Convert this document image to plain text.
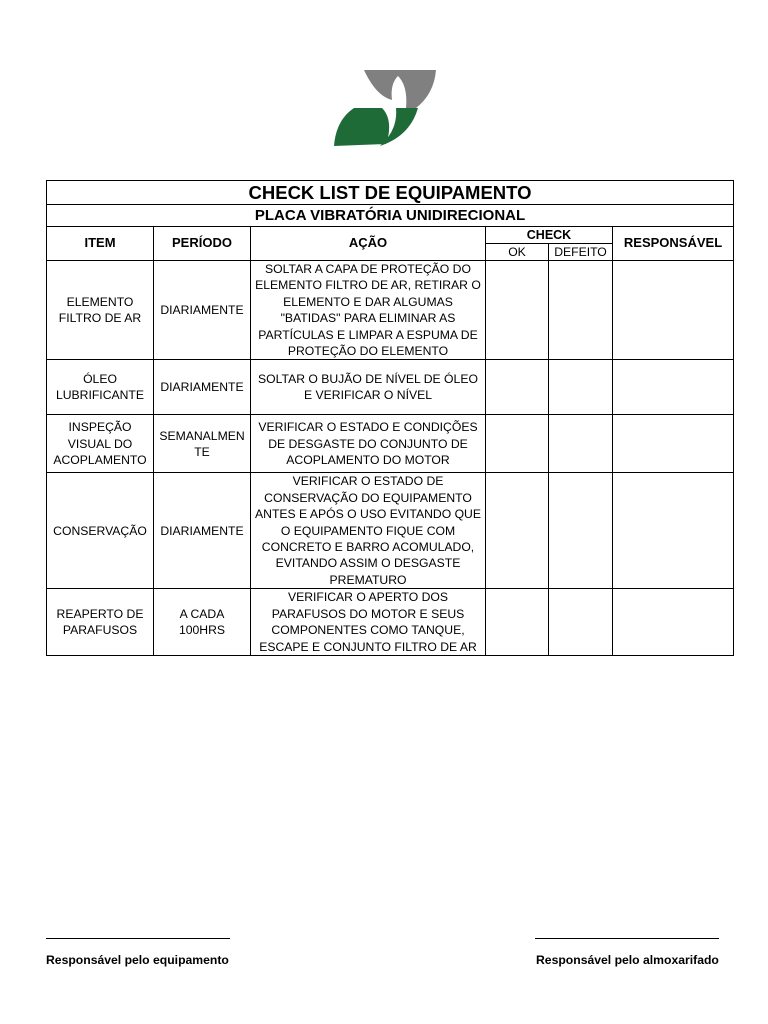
CHECK LIST DE EQUIPAMENTO					
PLACA VIBRATÓRIA UNIDIRECIONAL					
ITEM	PERÍODO	AÇÃO	CHECK		RESPONSÁVEL
			OK	DEFEITO	
ELEMENTO FILTRO DE AR	DIARIAMENTE	SOLTAR A CAPA DE PROTEÇÃO DO ELEMENTO FILTRO DE AR, RETIRAR O ELEMENTO E DAR ALGUMAS "BATIDAS" PARA ELIMINAR AS PARTÍCULAS E LIMPAR A ESPUMA DE PROTEÇÃO DO ELEMENTO			
ÓLEO LUBRIFICANTE	DIARIAMENTE	SOLTAR O BUJÃO DE NÍVEL DE ÓLEO E VERIFICAR O NÍVEL			
INSPEÇÃO VISUAL DO ACOPLAMENTO	SEMANALMENTE	VERIFICAR O ESTADO E CONDIÇÕES DE DESGASTE DO CONJUNTO DE ACOPLAMENTO DO MOTOR			
CONSERVAÇÃO	DIARIAMENTE	VERIFICAR O ESTADO DE CONSERVAÇÃO DO EQUIPAMENTO ANTES E APÓS O USO EVITANDO QUE O EQUIPAMENTO FIQUE COM CONCRETO E BARRO ACOMULADO, EVITANDO ASSIM O DESGASTE PREMATURO			
REAPERTO DE PARAFUSOS	A CADA 100HRS	VERIFICAR O APERTO DOS PARAFUSOS DO MOTOR E SEUS COMPONENTES COMO TANQUE, ESCAPE E CONJUNTO FILTRO DE AR			
Responsável pelo equipamento	Responsável pelo almoxarifado
